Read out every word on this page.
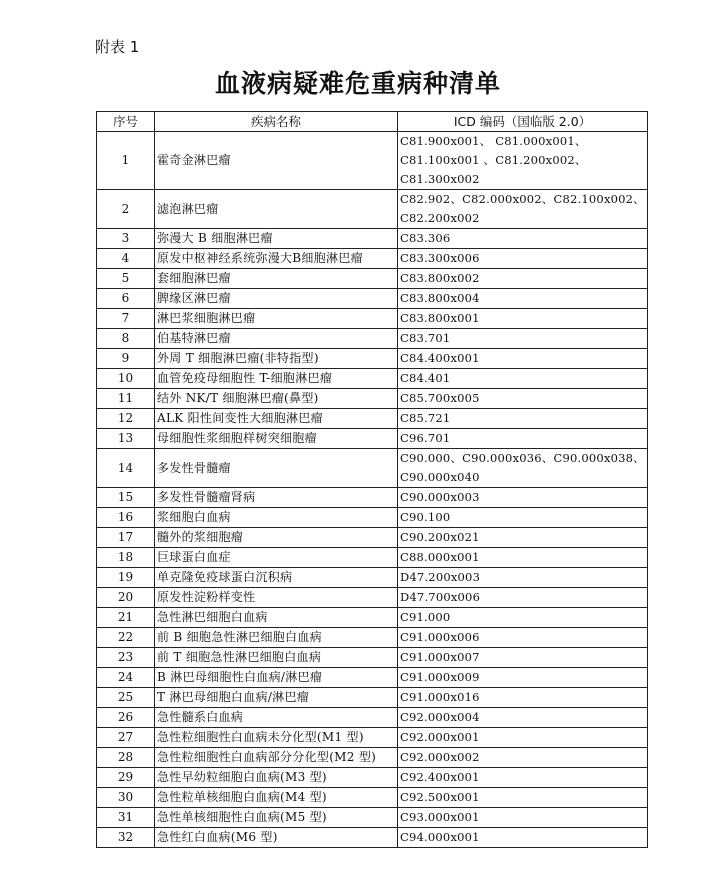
附表 1
血液病疑难危重病种清单
序号	疾病名称	ICD 编码（国临版 2.0）
1	霍奇金淋巴瘤	C81.900x001、 C81.000x001、
C81.100x001 、C81.200x002、
C81.300x002

2	滤泡淋巴瘤	C82.902、C82.000x002、C82.100x002、
C82.200x002

3	弥漫大 B 细胞淋巴瘤	C83.306

4	原发中枢神经系统弥漫大B细胞淋巴瘤	C83.300x006

5	套细胞淋巴瘤	C83.800x002

6	脾缘区淋巴瘤	C83.800x004

7	淋巴浆细胞淋巴瘤	C83.800x001

8	伯基特淋巴瘤	C83.701

9	外周 T 细胞淋巴瘤(非特指型)	C84.400x001

10	血管免疫母细胞性 T-细胞淋巴瘤	C84.401

11	结外 NK/T 细胞淋巴瘤(鼻型)	C85.700x005

12	ALK 阳性间变性大细胞淋巴瘤	C85.721

13	母细胞性浆细胞样树突细胞瘤	C96.701

14	多发性骨髓瘤	C90.000、C90.000x036、C90.000x038、
C90.000x040

15	多发性骨髓瘤肾病	C90.000x003

16	浆细胞白血病	C90.100

17	髓外的浆细胞瘤	C90.200x021

18	巨球蛋白血症	C88.000x001

19	单克隆免疫球蛋白沉积病	D47.200x003

20	原发性淀粉样变性	D47.700x006

21	急性淋巴细胞白血病	C91.000

22	前 B 细胞急性淋巴细胞白血病	C91.000x006

23	前 T 细胞急性淋巴细胞白血病	C91.000x007

24	B 淋巴母细胞性白血病/淋巴瘤	C91.000x009

25	T 淋巴母细胞白血病/淋巴瘤	C91.000x016

26	急性髓系白血病	C92.000x004

27	急性粒细胞性白血病未分化型(M1 型)	C92.000x001

28	急性粒细胞性白血病部分分化型(M2 型)	C92.000x002

29	急性早幼粒细胞白血病(M3 型)	C92.400x001

30	急性粒单核细胞白血病(M4 型)	C92.500x001

31	急性单核细胞性白血病(M5 型)	C93.000x001

32	急性红白血病(M6 型)	C94.000x001
